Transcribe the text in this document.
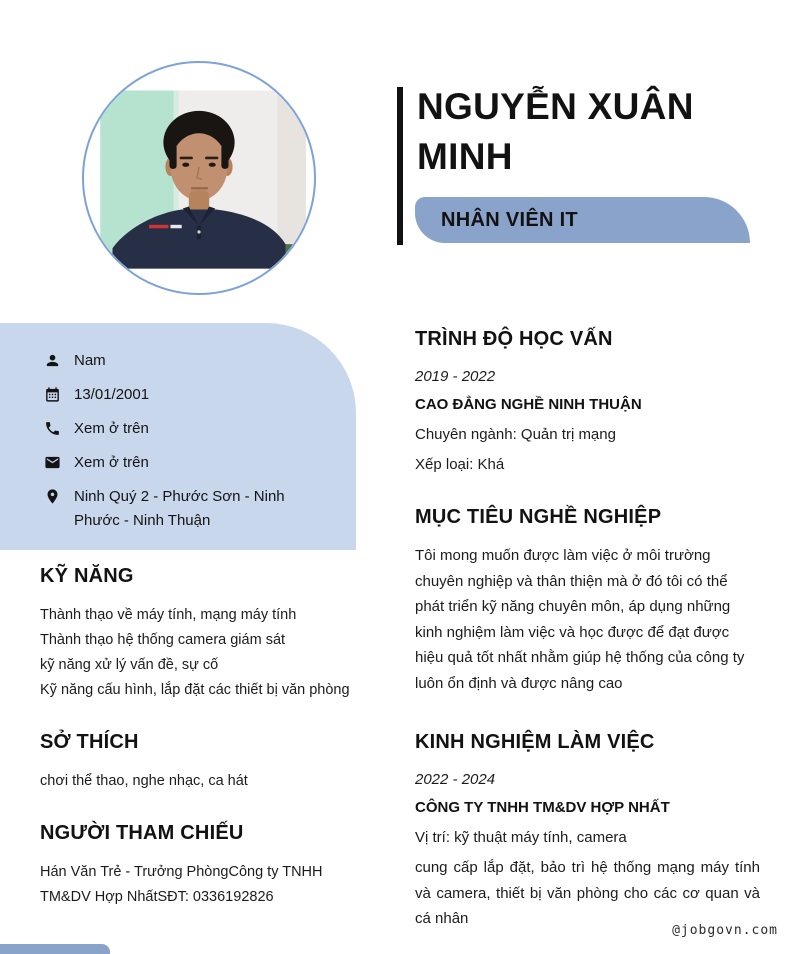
NGUYỄN XUÂN MINH
NHÂN VIÊN IT
Nam
13/01/2001
Xem ở trên
Xem ở trên
Ninh Quý 2 - Phước Sơn - Ninh Phước - Ninh Thuận
KỸ NĂNG
Thành thạo về máy tính, mạng máy tính
Thành thạo hệ thống camera giám sát
kỹ năng xử lý vấn đề, sự cố
Kỹ năng cấu hình, lắp đặt các thiết bị văn phòng
SỞ THÍCH
chơi thể thao, nghe nhạc, ca hát
NGƯỜI THAM CHIẾU
Hán Văn Trẻ - Trưởng PhòngCông ty TNHH TM&DV Hợp NhấtSĐT: 0336192826
TRÌNH ĐỘ HỌC VẤN
2019 - 2022
CAO ĐẲNG NGHỀ NINH THUẬN
Chuyên ngành: Quản trị mạng
Xếp loại: Khá
MỤC TIÊU NGHỀ NGHIỆP
Tôi mong muốn được làm việc ở môi trường chuyên nghiệp và thân thiện mà ở đó tôi có thể phát triển kỹ năng chuyên môn, áp dụng những kinh nghiệm làm việc và học được để đạt được hiệu quả tốt nhất nhằm giúp hệ thống của công ty luôn ổn định và được nâng cao
KINH NGHIỆM LÀM VIỆC
2022 - 2024
CÔNG TY TNHH TM&DV HỢP NHẤT
Vị trí: kỹ thuật máy tính, camera
cung cấp lắp đặt, bảo trì hệ thống mạng máy tính và camera, thiết bị văn phòng cho các cơ quan và cá nhân
@jobgovn.com
